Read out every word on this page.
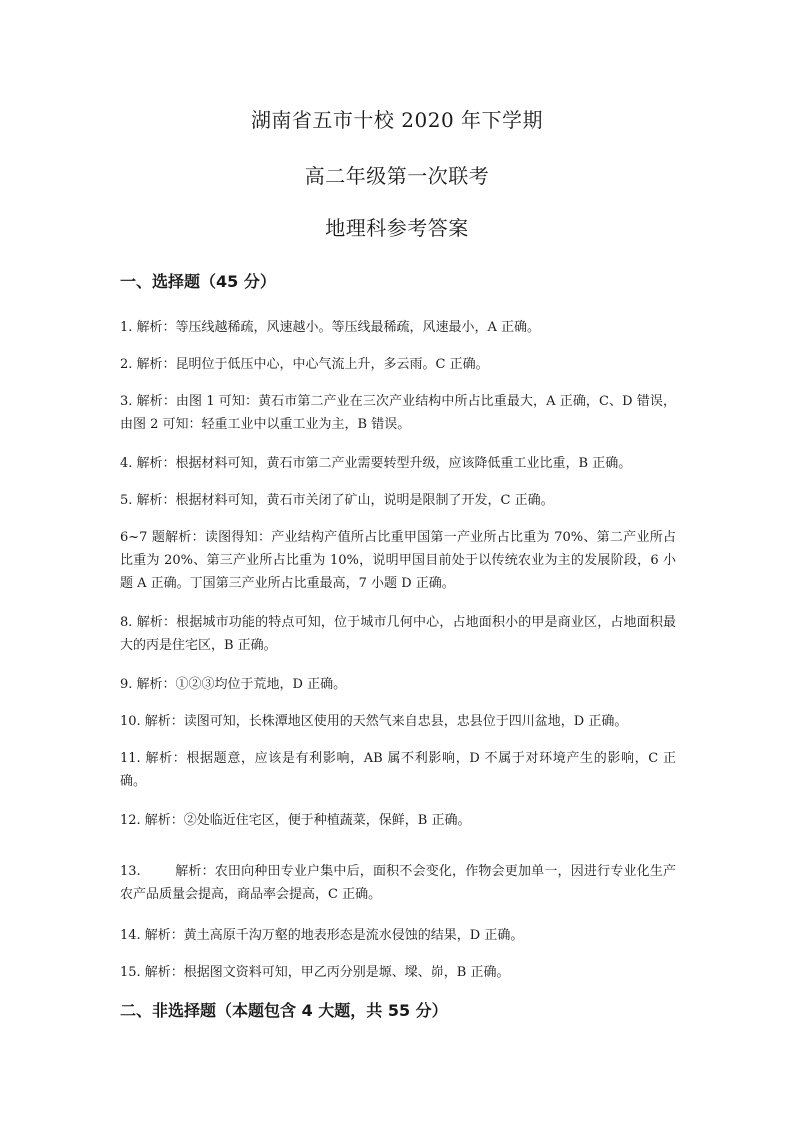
湖南省五市十校 2020 年下学期
高二年级第一次联考
地理科参考答案
一、选择题（45 分）
1. 解析：等压线越稀疏，风速越小。等压线最稀疏，风速最小，A 正确。
2. 解析：昆明位于低压中心，中心气流上升，多云雨。C 正确。
3. 解析：由图 1 可知：黄石市第二产业在三次产业结构中所占比重最大，A 正确，C、D 错误，由图 2 可知：轻重工业中以重工业为主，B 错误。
4. 解析：根据材料可知，黄石市第二产业需要转型升级，应该降低重工业比重，B 正确。
5. 解析：根据材料可知，黄石市关闭了矿山，说明是限制了开发，C 正确。
6~7 题解析：读图得知：产业结构产值所占比重甲国第一产业所占比重为 70%、第二产业所占比重为 20%、第三产业所占比重为 10%，说明甲国目前处于以传统农业为主的发展阶段，6 小题 A 正确。丁国第三产业所占比重最高，7 小题 D 正确。
8. 解析：根据城市功能的特点可知，位于城市几何中心，占地面积小的甲是商业区，占地面积最大的丙是住宅区，B 正确。
9. 解析：①②③均位于荒地，D 正确。
10. 解析：读图可知，长株潭地区使用的天然气来自忠县，忠县位于四川盆地，D 正确。
11. 解析：根据题意，应该是有利影响，AB 属不利影响，D 不属于对环境产生的影响，C 正确。
12. 解析：②处临近住宅区，便于种植蔬菜，保鲜，B 正确。
13.        解析：农田向种田专业户集中后，面积不会变化，作物会更加单一，因进行专业化生产农产品质量会提高，商品率会提高，C 正确。
14. 解析：黄土高原千沟万壑的地表形态是流水侵蚀的结果，D 正确。
15. 解析：根据图文资料可知，甲乙丙分别是塬、墚、峁，B 正确。
二、非选择题（本题包含 4 大题，共 55 分）
